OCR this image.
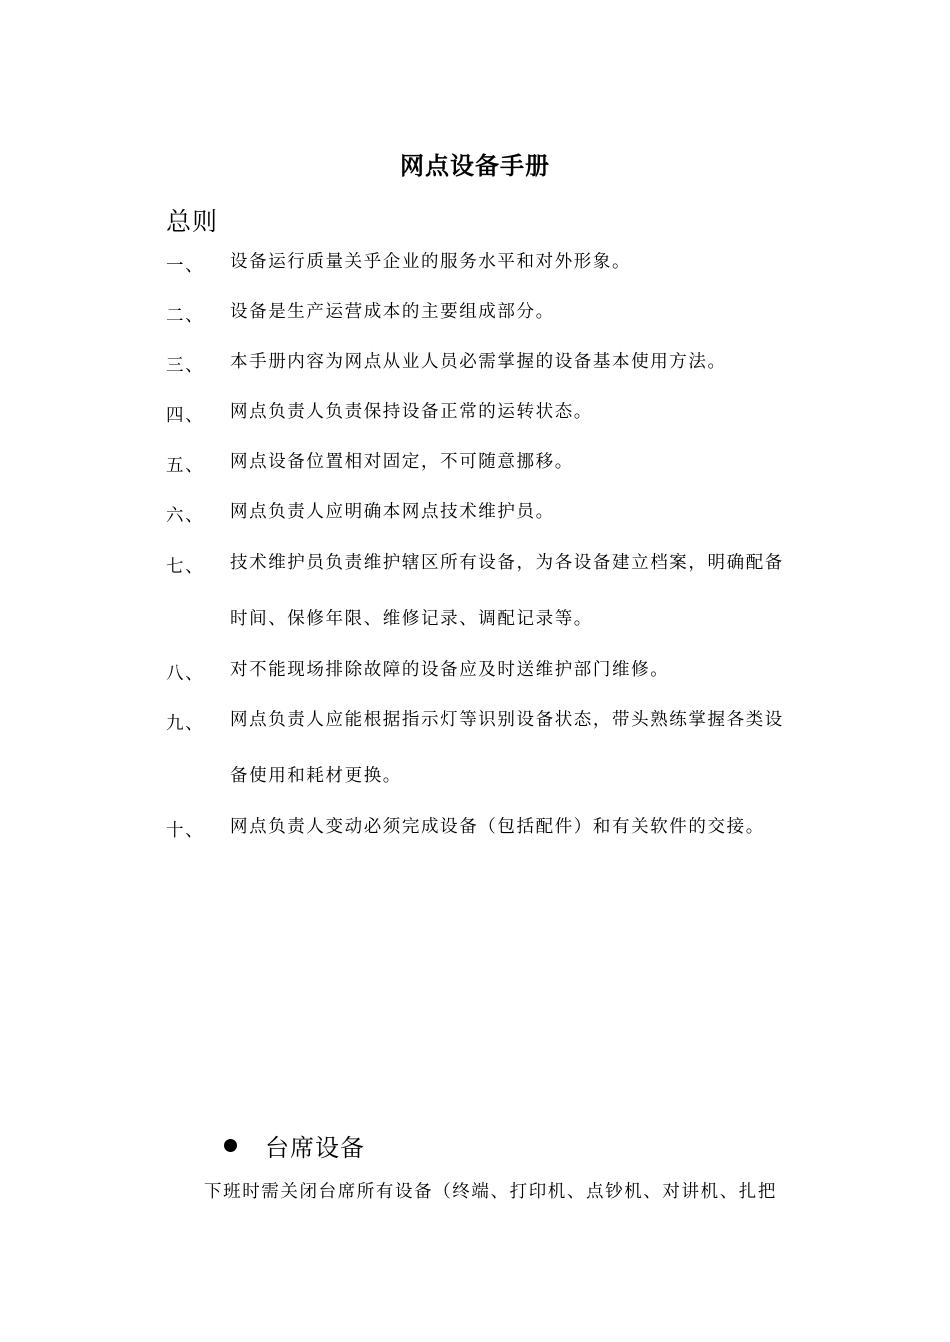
网点设备手册
总则
一、 设备运行质量关乎企业的服务水平和对外形象。
二、 设备是生产运营成本的主要组成部分。
三、 本手册内容为网点从业人员必需掌握的设备基本使用方法。
四、 网点负责人负责保持设备正常的运转状态。
五、 网点设备位置相对固定，不可随意挪移。
六、 网点负责人应明确本网点技术维护员。
七、 技术维护员负责维护辖区所有设备，为各设备建立档案，明确配备时间、保修年限、维修记录、调配记录等。
八、 对不能现场排除故障的设备应及时送维护部门维修。
九、 网点负责人应能根据指示灯等识别设备状态，带头熟练掌握各类设备使用和耗材更换。
十、 网点负责人变动必须完成设备（包括配件）和有关软件的交接。
台席设备
下班时需关闭台席所有设备（终端、打印机、点钞机、对讲机、扎把
